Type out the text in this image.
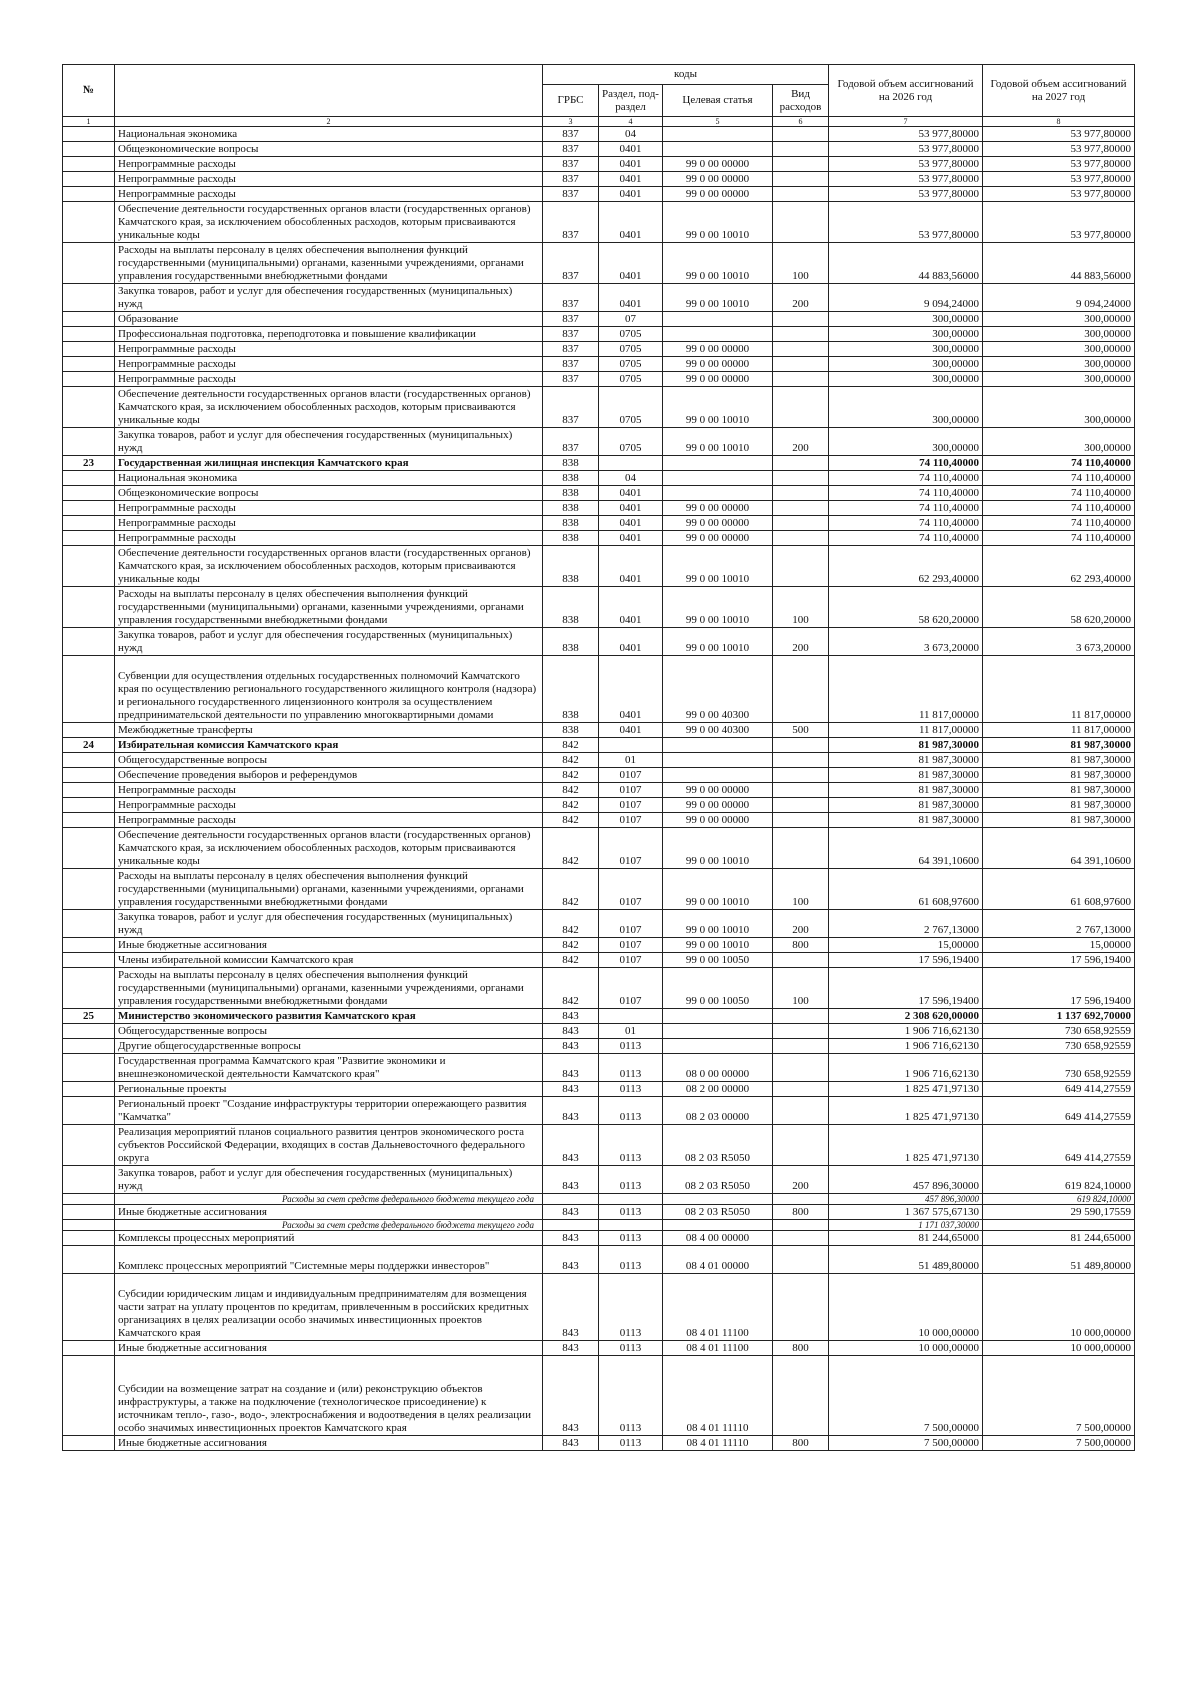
№		коды				Годовой объем ассигнований на 2026 год	Годовой объем ассигнований на 2027 год
		ГРБС	Раздел, под-раздел	Целевая статья	Вид расходов		
1	2	3	4	5	6	7	8
	Национальная экономика	837	04			53 977,80000	53 977,80000
	Общеэкономические вопросы	837	0401			53 977,80000	53 977,80000
	Непрограммные расходы	837	0401	99 0 00 00000		53 977,80000	53 977,80000
	Непрограммные расходы	837	0401	99 0 00 00000		53 977,80000	53 977,80000
	Непрограммные расходы	837	0401	99 0 00 00000		53 977,80000	53 977,80000
	Обеспечение деятельности государственных органов власти (государственных органов) Камчатского края, за исключением обособленных расходов, которым присваиваются уникальные коды	837	0401	99 0 00 10010		53 977,80000	53 977,80000
	Расходы на выплаты персоналу в целях обеспечения выполнения функций государственными (муниципальными) органами, казенными учреждениями, органами управления государственными внебюджетными фондами	837	0401	99 0 00 10010	100	44 883,56000	44 883,56000
	Закупка товаров, работ и услуг для обеспечения государственных (муниципальных) нужд	837	0401	99 0 00 10010	200	9 094,24000	9 094,24000
	Образование	837	07			300,00000	300,00000
	Профессиональная подготовка, переподготовка и повышение квалификации	837	0705			300,00000	300,00000
	Непрограммные расходы	837	0705	99 0 00 00000		300,00000	300,00000
	Непрограммные расходы	837	0705	99 0 00 00000		300,00000	300,00000
	Непрограммные расходы	837	0705	99 0 00 00000		300,00000	300,00000
	Обеспечение деятельности государственных органов власти (государственных органов) Камчатского края, за исключением обособленных расходов, которым присваиваются уникальные коды	837	0705	99 0 00 10010		300,00000	300,00000
	Закупка товаров, работ и услуг для обеспечения государственных (муниципальных) нужд	837	0705	99 0 00 10010	200	300,00000	300,00000
23	Государственная жилищная инспекция Камчатского края	838				74 110,40000	74 110,40000
	Национальная экономика	838	04			74 110,40000	74 110,40000
	Общеэкономические вопросы	838	0401			74 110,40000	74 110,40000
	Непрограммные расходы	838	0401	99 0 00 00000		74 110,40000	74 110,40000
	Непрограммные расходы	838	0401	99 0 00 00000		74 110,40000	74 110,40000
	Непрограммные расходы	838	0401	99 0 00 00000		74 110,40000	74 110,40000
	Обеспечение деятельности государственных органов власти (государственных органов) Камчатского края, за исключением обособленных расходов, которым присваиваются уникальные коды	838	0401	99 0 00 10010		62 293,40000	62 293,40000
	Расходы на выплаты персоналу в целях обеспечения выполнения функций государственными (муниципальными) органами, казенными учреждениями, органами управления государственными внебюджетными фондами	838	0401	99 0 00 10010	100	58 620,20000	58 620,20000
	Закупка товаров, работ и услуг для обеспечения государственных (муниципальных) нужд	838	0401	99 0 00 10010	200	3 673,20000	3 673,20000
	Субвенции для осуществления отдельных государственных полномочий Камчатского края по осуществлению регионального государственного жилищного контроля (надзора) и регионального государственного лицензионного контроля за осуществлением предпринимательской деятельности по управлению многоквартирными домами	838	0401	99 0 00 40300		11 817,00000	11 817,00000
	Межбюджетные трансферты	838	0401	99 0 00 40300	500	11 817,00000	11 817,00000
24	Избирательная комиссия Камчатского края	842				81 987,30000	81 987,30000
	Общегосударственные вопросы	842	01			81 987,30000	81 987,30000
	Обеспечение проведения выборов и референдумов	842	0107			81 987,30000	81 987,30000
	Непрограммные расходы	842	0107	99 0 00 00000		81 987,30000	81 987,30000
	Непрограммные расходы	842	0107	99 0 00 00000		81 987,30000	81 987,30000
	Непрограммные расходы	842	0107	99 0 00 00000		81 987,30000	81 987,30000
	Обеспечение деятельности государственных органов власти (государственных органов) Камчатского края, за исключением обособленных расходов, которым присваиваются уникальные коды	842	0107	99 0 00 10010		64 391,10600	64 391,10600
	Расходы на выплаты персоналу в целях обеспечения выполнения функций государственными (муниципальными) органами, казенными учреждениями, органами управления государственными внебюджетными фондами	842	0107	99 0 00 10010	100	61 608,97600	61 608,97600
	Закупка товаров, работ и услуг для обеспечения государственных (муниципальных) нужд	842	0107	99 0 00 10010	200	2 767,13000	2 767,13000
	Иные бюджетные ассигнования	842	0107	99 0 00 10010	800	15,00000	15,00000
	Члены избирательной комиссии Камчатского края	842	0107	99 0 00 10050		17 596,19400	17 596,19400
	Расходы на выплаты персоналу в целях обеспечения выполнения функций государственными (муниципальными) органами, казенными учреждениями, органами управления государственными внебюджетными фондами	842	0107	99 0 00 10050	100	17 596,19400	17 596,19400
25	Министерство экономического развития Камчатского края	843				2 308 620,00000	1 137 692,70000
	Общегосударственные вопросы	843	01			1 906 716,62130	730 658,92559
	Другие общегосударственные вопросы	843	0113			1 906 716,62130	730 658,92559
	Государственная программа Камчатского края "Развитие экономики и внешнеэкономической деятельности Камчатского края"	843	0113	08 0 00 00000		1 906 716,62130	730 658,92559
	Региональные проекты	843	0113	08 2 00 00000		1 825 471,97130	649 414,27559
	Региональный проект "Создание инфраструктуры территории опережающего развития "Камчатка"	843	0113	08 2 03 00000		1 825 471,97130	649 414,27559
	Реализация мероприятий планов социального развития центров экономического роста субъектов Российской Федерации, входящих в состав Дальневосточного федерального округа	843	0113	08 2 03 R5050		1 825 471,97130	649 414,27559
	Закупка товаров, работ и услуг для обеспечения государственных (муниципальных) нужд	843	0113	08 2 03 R5050	200	457 896,30000	619 824,10000
	Расходы за счет средств федерального бюджета текущего года					457 896,30000	619 824,10000
	Иные бюджетные ассигнования	843	0113	08 2 03 R5050	800	1 367 575,67130	29 590,17559
	Расходы за счет средств федерального бюджета текущего года					1 171 037,30000	
	Комплексы процессных мероприятий	843	0113	08 4 00 00000		81 244,65000	81 244,65000
	Комплекс процессных мероприятий "Системные меры поддержки инвесторов"	843	0113	08 4 01 00000		51 489,80000	51 489,80000
	Субсидии юридическим лицам и индивидуальным предпринимателям для возмещения части затрат на уплату процентов по кредитам, привлеченным в российских кредитных организациях в целях реализации особо значимых инвестиционных проектов Камчатского края	843	0113	08 4 01 11100		10 000,00000	10 000,00000
	Иные бюджетные ассигнования	843	0113	08 4 01 11100	800	10 000,00000	10 000,00000
	Субсидии на возмещение затрат на создание и (или) реконструкцию объектов инфраструктуры, а также на подключение (технологическое присоединение) к источникам тепло-, газо-, водо-, электроснабжения и водоотведения в целях реализации особо значимых инвестиционных проектов Камчатского края	843	0113	08 4 01 11110		7 500,00000	7 500,00000
	Иные бюджетные ассигнования	843	0113	08 4 01 11110	800	7 500,00000	7 500,00000
